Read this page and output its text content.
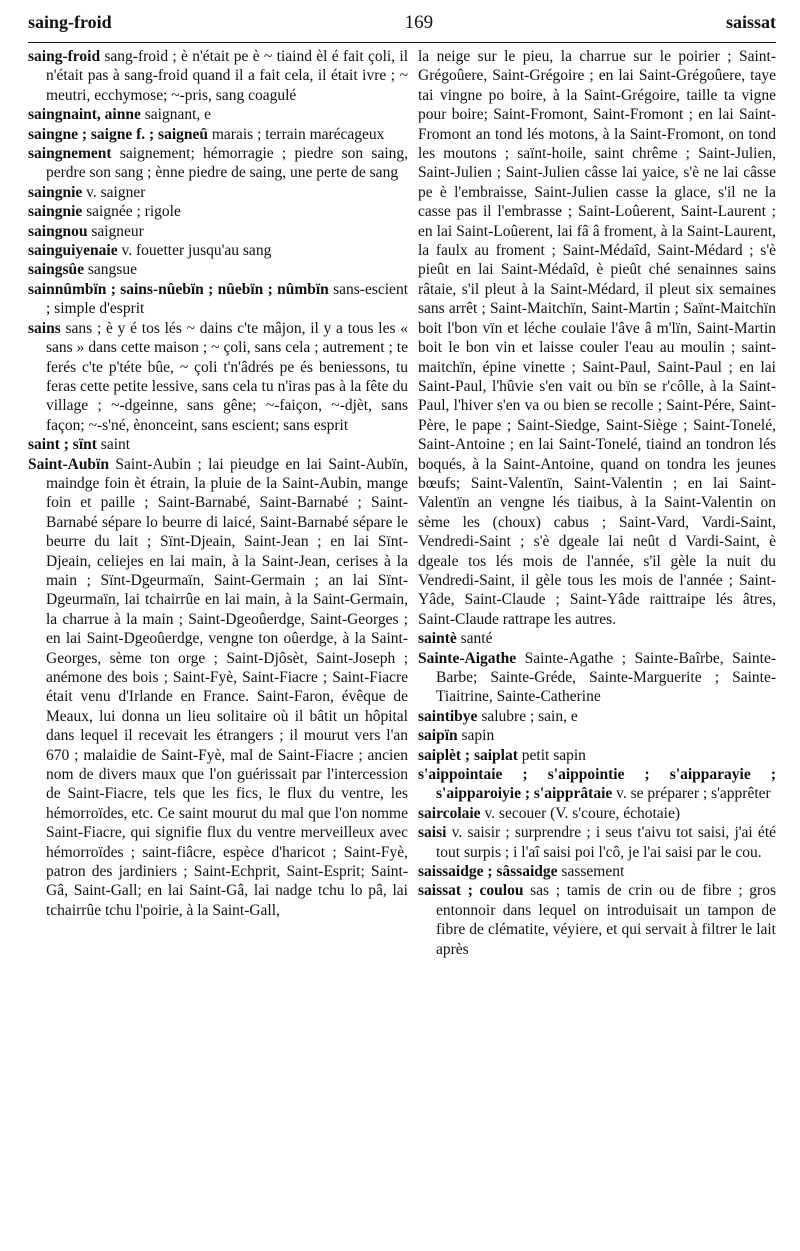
saing-froid	169	saissat

saing-froid sang-froid ; è n'était pe è ~ tiaind èl é fait çoli, il n'était pas à sang-froid quand il a fait cela, il était ivre ; ~ meutri, ecchymose; ~-pris, sang coagulé

saingnaint, ainne saignant, e

saingne ; saigne f. ; saigneû marais ; terrain marécageux

saingnement saignement; hémorragie ; piedre son saing, perdre son sang ; ènne piedre de saing, une perte de sang

saingnie v. saigner

saingnie saignée ; rigole

saingnou saigneur

sainguiyenaie v. fouetter jusqu'au sang

saingsûe sangsue

sainnûmbïn ; sains-nûebïn ; nûebïn ; nûmbïn sans-escient ; simple d'esprit

sains sans ; è y é tos lés ~ dains c'te mâjon, il y a tous les « sans » dans cette maison ; ~ çoli, sans cela ; autrement ; te ferés c'te p'téte bûe, ~ çoli t'n'âdrés pe és beniessons, tu feras cette petite lessive, sans cela tu n'iras pas à la fête du village ; ~-dgeinne, sans gêne; ~-faiçon, ~-djèt, sans façon; ~-s'né, ènonceint, sans escient; sans esprit

saint ; sïnt saint

Saint-Aubïn Saint-Aubin ; lai pieudge en lai Saint-Aubïn, maindge foin èt étrain, la pluie de la Saint-Aubin, mange foin et paille ; Saint-Barnabé, Saint-Barnabé ; Saint-Barnabé sépare lo beurre di laicé, Saint-Barnabé sépare le beurre du lait ; Sïnt-Djeain, Saint-Jean ; en lai Sïnt-Djeain, celiejes en lai main, à la Saint-Jean, cerises à la main ; Sïnt-Dgeurmaïn, Saint-Germain ; an lai Sïnt-Dgeurmaïn, lai tchairrûe en lai main, à la Saint-Germain, la charrue à la main ; Saint-Dgeoûerdge, Saint-Georges ; en lai Saint-Dgeoûerdge, vengne ton oûerdge, à la Saint-Georges, sème ton orge ; Saint-Djôsèt, Saint-Joseph ; anémone des bois ; Saint-Fyè, Saint-Fiacre ; Saint-Fiacre était venu d'Irlande en France. Saint-Faron, évêque de Meaux, lui donna un lieu solitaire où il bâtit un hôpital dans lequel il recevait les étrangers ; il mourut vers l'an 670 ; malaidie de Saint-Fyè, mal de Saint-Fiacre ; ancien nom de divers maux que l'on guérissait par l'intercession de Saint-Fiacre, tels que les fics, le flux du ventre, les hémorroïdes, etc. Ce saint mourut du mal que l'on nomme Saint-Fiacre, qui signifie flux du ventre merveilleux avec hémorroïdes ; saint-fiâcre, espèce d'haricot ; Saint-Fyè, patron des jardiniers ; Saint-Echprit, Saint-Esprit; Saint-Gâ, Saint-Gall; en lai Saint-Gâ, lai nadge tchu lo pâ, lai tchairrûe tchu l'poirie, à la Saint-Gall,

la neige sur le pieu, la charrue sur le poirier ; Saint-Grégoûere, Saint-Grégoire ; en lai Saint-Grégoûere, taye tai vingne po boire, à la Saint-Grégoire, taille ta vigne pour boire; Saint-Fromont, Saint-Fromont ; en lai Saint-Fromont an tond lés motons, à la Saint-Fromont, on tond les moutons ; saïnt-hoile, saint chrême ; Saint-Julien, Saint-Julien ; Saint-Julien câsse lai yaice, s'è ne lai câsse pe è l'embraisse, Saint-Julien casse la glace, s'il ne la casse pas il l'embrasse ; Saint-Loûerent, Saint-Laurent ; en lai Saint-Loûerent, lai fâ â froment, à la Saint-Laurent, la faulx au froment ; Saint-Médaîd, Saint-Médard ; s'è pieût en lai Saint-Médaîd, è pieût ché senainnes sains râtaie, s'il pleut à la Saint-Médard, il pleut six semaines sans arrêt ; Saint-Maitchïn, Saint-Martin ; Saïnt-Maitchïn boit l'bon vïn et léche coulaie l'âve â m'lïn, Saint-Martin boit le bon vin et laisse couler l'eau au moulin ; saint-maitchïn, épine vinette ; Saint-Paul, Saint-Paul ; en lai Saint-Paul, l'hûvie s'en vait ou bïn se r'côlle, à la Saint-Paul, l'hiver s'en va ou bien se recolle ; Saint-Pére, Saint-Père, le pape ; Saint-Siedge, Saint-Siège ; Saint-Tonelé, Saint-Antoine ; en lai Saint-Tonelé, tiaind an tondron lés boqués, à la Saint-Antoine, quand on tondra les jeunes bœufs; Saint-Valentïn, Saint-Valentin ; en lai Saint-Valentïn an vengne lés tiaibus, à la Saint-Valentin on sème les (choux) cabus ; Saint-Vard, Vardi-Saint, Vendredi-Saint ; s'è dgeale lai neût d Vardi-Saint, è dgeale tos lés mois de l'année, s'il gèle la nuit du Vendredi-Saint, il gèle tous les mois de l'année ; Saint-Yâde, Saint-Claude ; Saint-Yâde raittraipe lés âtres, Saint-Claude rattrape les autres.

saintè santé

Sainte-Aigathe Sainte-Agathe ; Sainte-Baîrbe, Sainte-Barbe; Sainte-Gréde, Sainte-Marguerite ; Sainte-Tiaitrine, Sainte-Catherine

saintibye salubre ; sain, e

saipïn sapin

saiplèt ; saiplat petit sapin

s'aippointaie ; s'aippointie ; s'aipparayie ; s'aipparoiyie ; s'aipprâtaie v. se préparer ; s'apprêter

saircolaie v. secouer (V. s'coure, échotaie)

saisi v. saisir ; surprendre ; i seus t'aivu tot saisi, j'ai été tout surpis ; i l'aî saisi poi l'cô, je l'ai saisi par le cou.

saissaidge ; sâssaidge sassement

saissat ; coulou sas ; tamis de crin ou de fibre ; gros entonnoir dans lequel on introduisait un tampon de fibre de clématite, véyiere, et qui servait à filtrer le lait après
